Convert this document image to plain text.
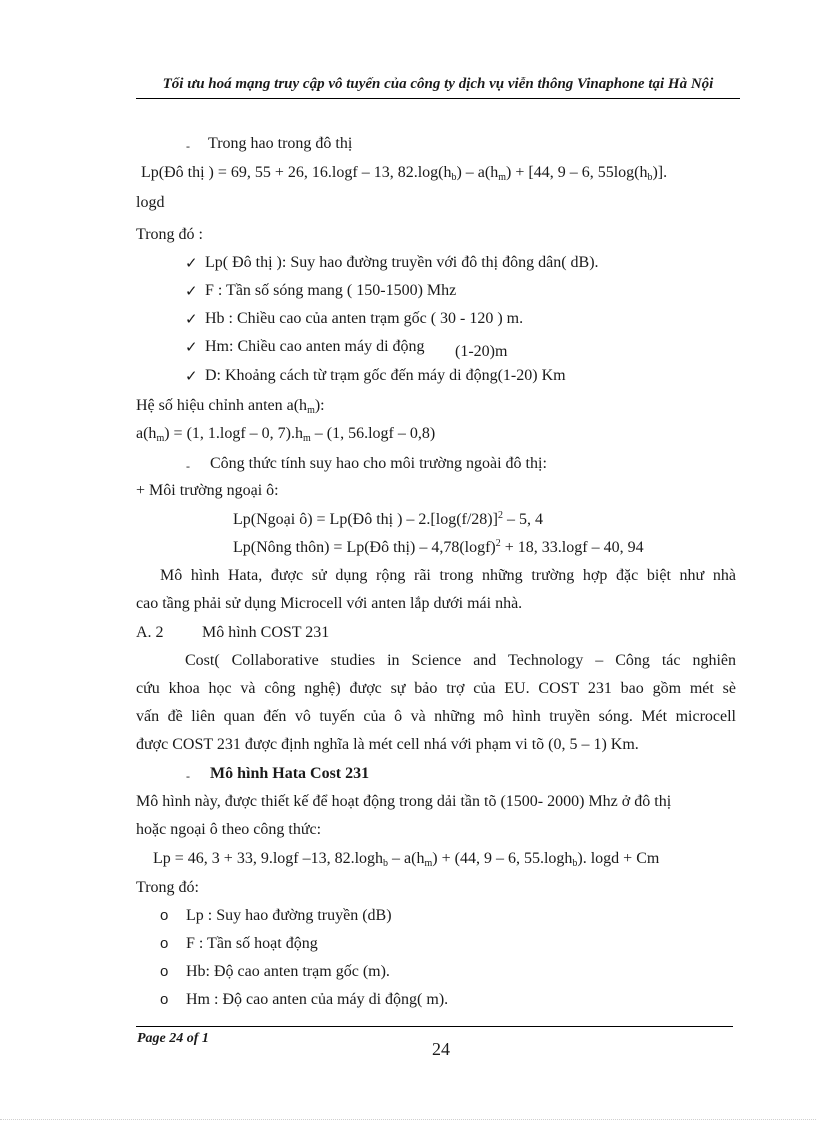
Tối ưu hoá mạng truy cập vô tuyến của công ty dịch vụ viễn thông Vinaphone tại Hà Nội
- Trong hao trong đô thị
Lp(Đô thị ) = 69, 55 + 26, 16.logf – 13, $82.\log(h_b) - a(h_m) + [44$, 9 – 6, $55\log(h_b)$].
logd
Trong đó :
✓ Lp( Đô thị ): Suy hao đường truyền với đô thị đông dân( dB).
✓ F : Tần số sóng mang ( 150-1500) Mhz
✓ Hb : Chiều cao của anten trạm gốc ( 30 - 120 ) m.
✓ Hm: Chiều cao anten máy di động (1-20)m
✓ D: Khoảng cách từ trạm gốc đến máy di động(1-20) Km
Hệ số hiệu chỉnh anten $a(h_m)$:
$a(h_m) = (1$, 1.logf – 0, $7).h_m - (1$, 56.logf – 0,8)
- Công thức tính suy hao cho môi trường ngoài đô thị:
+ Môi trường ngoại ô:
Lp(Ngoại ô) = Lp(Đô thị ) – $2.[\log(f/28)]^2 - 5$, 4
Lp(Nông thôn) = Lp(Đô thị) – $4,78(\log f)^2 + 18$, 33.logf – 40, 94
Mô hình Hata, được sử dụng rộng rãi trong những trường hợp đặc biệt như nhà
cao tầng phải sử dụng Microcell với anten lắp dưới mái nhà.
A. 2 Mô hình COST 231
Cost( Collaborative studies in Science and Technology – Công tác nghiên
cứu khoa học và công nghệ) được sự bảo trợ của EU. COST 231 bao gồm mét sè
vấn đề liên quan đến vô tuyến của ô và những mô hình truyền sóng. Mét microcell
được COST 231 được định nghĩa là mét cell nhá với phạm vi tõ (0, 5 – 1) Km.
- Mô hình Hata Cost 231
Mô hình này, được thiết kế để hoạt động trong dải tần tõ (1500- 2000) Mhz ở đô thị
hoặc ngoại ô theo công thức:
Lp = 46, 3 + 33, 9.logf –13, $82.\log h_b - a(h_m) + (44$, 9 – 6, 55.logh$_b$). logd + Cm
Trong đó:
o Lp : Suy hao đường truyền (dB)
o F : Tần số hoạt động
o Hb: Độ cao anten trạm gốc (m).
o Hm : Độ cao anten của máy di động( m).
Page 24 of 1
24
